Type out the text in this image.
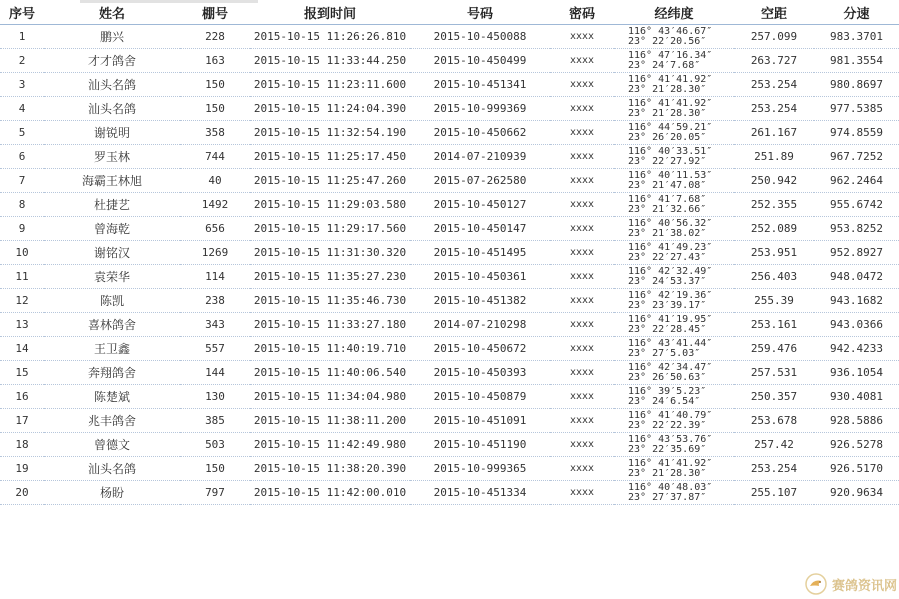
序号	姓名	棚号	报到时间	号码	密码	经纬度	空距	分速
1	鹏兴	228	2015-10-15 11:26:26.810	2015-10-450088	xxxx	116° 43′46.67″
23° 22′20.56″	257.099	983.3701
2	才才鸽舍	163	2015-10-15 11:33:44.250	2015-10-450499	xxxx	116° 47′16.34″
23° 24′7.68″	263.727	981.3554
3	汕头名鸽	150	2015-10-15 11:23:11.600	2015-10-451341	xxxx	116° 41′41.92″
23° 21′28.30″	253.254	980.8697
4	汕头名鸽	150	2015-10-15 11:24:04.390	2015-10-999369	xxxx	116° 41′41.92″
23° 21′28.30″	253.254	977.5385
5	谢锐明	358	2015-10-15 11:32:54.190	2015-10-450662	xxxx	116° 44′59.21″
23° 26′20.05″	261.167	974.8559
6	罗玉林	744	2015-10-15 11:25:17.450	2014-07-210939	xxxx	116° 40′33.51″
23° 22′27.92″	251.89	967.7252
7	海霸王林旭	40	2015-10-15 11:25:47.260	2015-07-262580	xxxx	116° 40′11.53″
23° 21′47.08″	250.942	962.2464
8	杜捷艺	1492	2015-10-15 11:29:03.580	2015-10-450127	xxxx	116° 41′7.68″
23° 21′32.66″	252.355	955.6742
9	曾海乾	656	2015-10-15 11:29:17.560	2015-10-450147	xxxx	116° 40′56.32″
23° 21′38.02″	252.089	953.8252
10	谢铭汉	1269	2015-10-15 11:31:30.320	2015-10-451495	xxxx	116° 41′49.23″
23° 22′27.43″	253.951	952.8927
11	袁荣华	114	2015-10-15 11:35:27.230	2015-10-450361	xxxx	116° 42′32.49″
23° 24′53.37″	256.403	948.0472
12	陈凯	238	2015-10-15 11:35:46.730	2015-10-451382	xxxx	116° 42′19.36″
23° 23′39.17″	255.39	943.1682
13	喜林鸽舍	343	2015-10-15 11:33:27.180	2014-07-210298	xxxx	116° 41′19.95″
23° 22′28.45″	253.161	943.0366
14	王卫鑫	557	2015-10-15 11:40:19.710	2015-10-450672	xxxx	116° 43′41.44″
23° 27′5.03″	259.476	942.4233
15	奔翔鸽舍	144	2015-10-15 11:40:06.540	2015-10-450393	xxxx	116° 42′34.47″
23° 26′50.63″	257.531	936.1054
16	陈楚斌	130	2015-10-15 11:34:04.980	2015-10-450879	xxxx	116° 39′5.23″
23° 24′6.54″	250.357	930.4081
17	兆丰鸽舍	385	2015-10-15 11:38:11.200	2015-10-451091	xxxx	116° 41′40.79″
23° 22′22.39″	253.678	928.5886
18	曾德文	503	2015-10-15 11:42:49.980	2015-10-451190	xxxx	116° 43′53.76″
23° 22′35.69″	257.42	926.5278
19	汕头名鸽	150	2015-10-15 11:38:20.390	2015-10-999365	xxxx	116° 41′41.92″
23° 21′28.30″	253.254	926.5170
20	杨盼	797	2015-10-15 11:42:00.010	2015-10-451334	xxxx	116° 40′48.03″
23° 27′37.87″	255.107	920.9634
赛鸽资讯网
